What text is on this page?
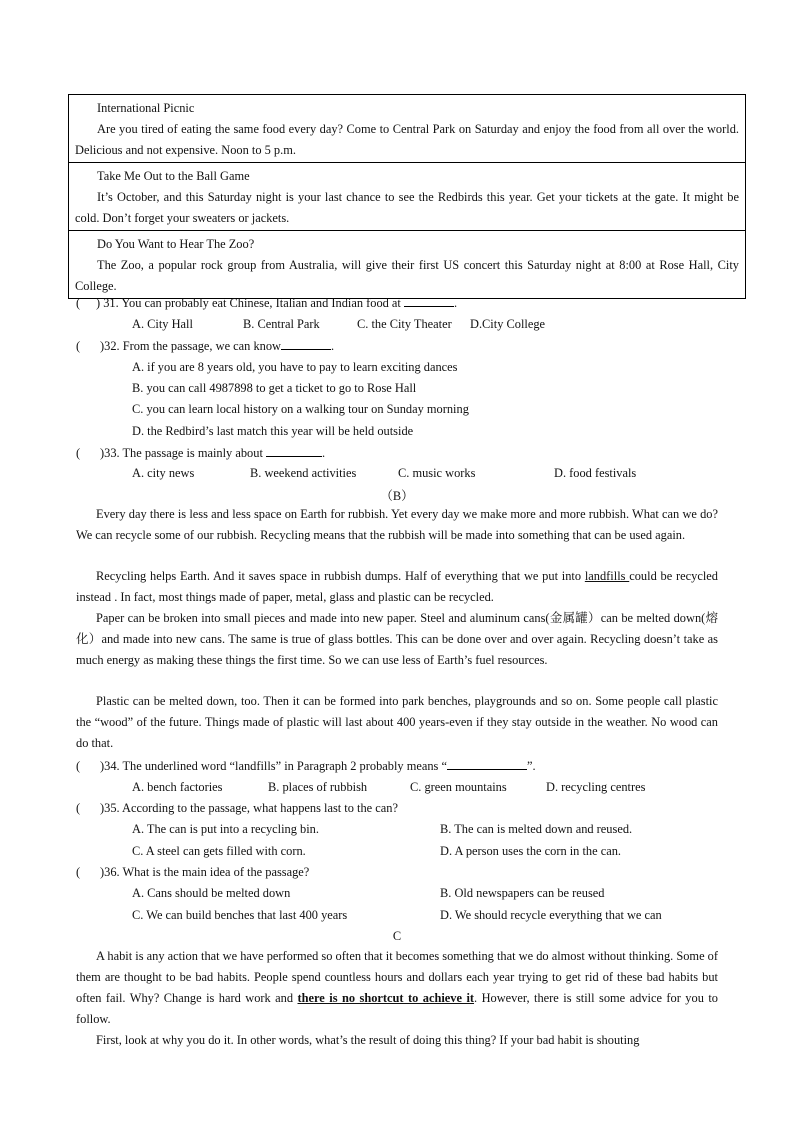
International Picnic
Are you tired of eating the same food every day? Come to Central Park on Saturday and enjoy the food from all over the world. Delicious and not expensive. Noon to 5 p.m.
Take Me Out to the Ball Game
It’s October, and this Saturday night is your last chance to see the Redbirds this year. Get your tickets at the gate. It might be cold. Don’t forget your sweaters or jackets.
Do You Want to Hear The Zoo?
The Zoo, a popular rock group from Australia, will give their first US concert this Saturday night at 8:00 at Rose Hall, City College.
( ) 31. You can probably eat Chinese, Italian and Indian food at	.
A. City Hall	B. Central Park	C. the City Theater D.City College
( )32. From the passage, we can know	.
A. if you are 8 years old, you have to pay to learn exciting dances
B. you can call 4987898 to get a ticket to go to Rose Hall
C. you can learn local history on a walking tour on Sunday morning
D. the Redbird’s last match this year will be held outside
( )33. The passage is mainly about	.
A. city news	B. weekend activities	C. music works	D. food festivals
（B）
Every day there is less and less space on Earth for rubbish. Yet every day we make more and more rubbish. What can we do? We can recycle some of our rubbish. Recycling means that the rubbish will be made into something that can be used again.
Recycling helps Earth. And it saves space in rubbish dumps. Half of everything that we put into landfills could be recycled instead . In fact, most things made of paper, metal, glass and plastic can be recycled.
Paper can be broken into small pieces and made into new paper. Steel and aluminum cans(金属罐）can be melted down(熔化）and made into new cans. The same is true of glass bottles. This can be done over and over again. Recycling doesn’t take as much energy as making these things the first time. So we can use less of Earth’s fuel resources.
Plastic can be melted down, too. Then it can be formed into park benches, playgrounds and so on. Some people call plastic the “wood” of the future. Things made of plastic will last about 400 years-even if they stay outside in the weather. No wood can do that.
( )34. The underlined word “landfills” in Paragraph 2 probably means “	”.
A. bench factories	B. places of rubbish	C. green mountains	D. recycling centres
( )35. According to the passage, what happens last to the can?
A. The can is put into a recycling bin.	B. The can is melted down and reused.
C. A steel can gets filled with corn.	D. A person uses the corn in the can.
( )36. What is the main idea of the passage?
A. Cans should be melted down	B. Old newspapers can be reused
C. We can build benches that last 400 years	D. We should recycle everything that we can
C
A habit is any action that we have performed so often that it becomes something that we do almost without thinking. Some of them are thought to be bad habits. People spend countless hours and dollars each year trying to get rid of these bad habits but often fail. Why? Change is hard work and there is no shortcut to achieve it. However, there is still some advice for you to follow.
First, look at why you do it. In other words, what’s the result of doing this thing? If your bad habit is shouting
